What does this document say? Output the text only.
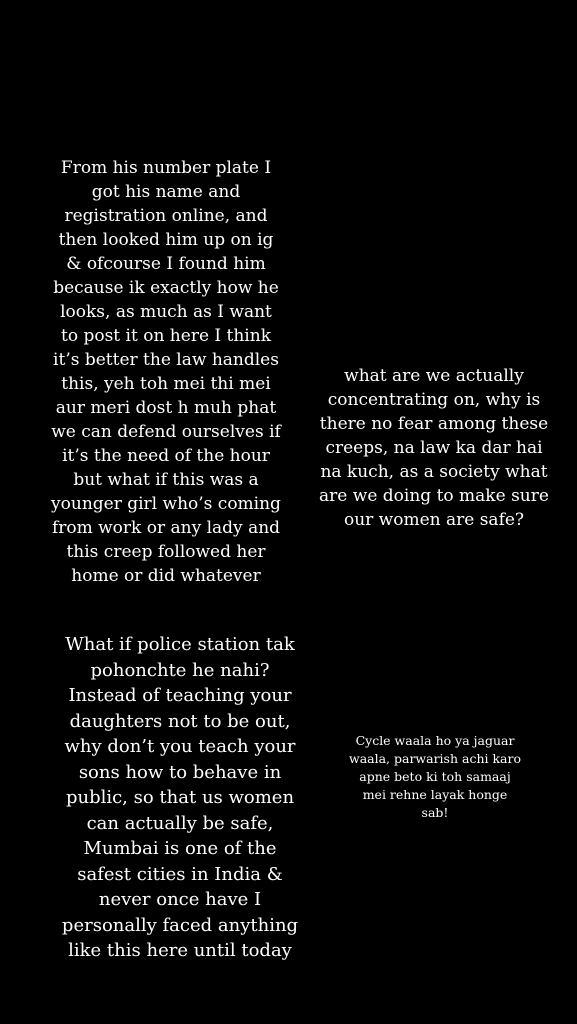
From his number plate I
got his name and
registration online, and
then looked him up on ig
& ofcourse I found him
because ik exactly how he
looks, as much as I want
to post it on here I think
it’s better the law handles
this, yeh toh mei thi mei
aur meri dost h muh phat
we can defend ourselves if
it’s the need of the hour
but what if this was a
younger girl who’s coming
from work or any lady and
this creep followed her
home or did whatever

what are we actually
concentrating on, why is
there no fear among these
creeps, na law ka dar hai
na kuch, as a society what
are we doing to make sure
our women are safe?

What if police station tak
pohonchte he nahi?
Instead of teaching your
daughters not to be out,
why don’t you teach your
sons how to behave in
public, so that us women
can actually be safe,
Mumbai is one of the
safest cities in India &
never once have I
personally faced anything
like this here until today

Cycle waala ho ya jaguar
waala, parwarish achi karo
apne beto ki toh samaaj
mei rehne layak honge
sab!
